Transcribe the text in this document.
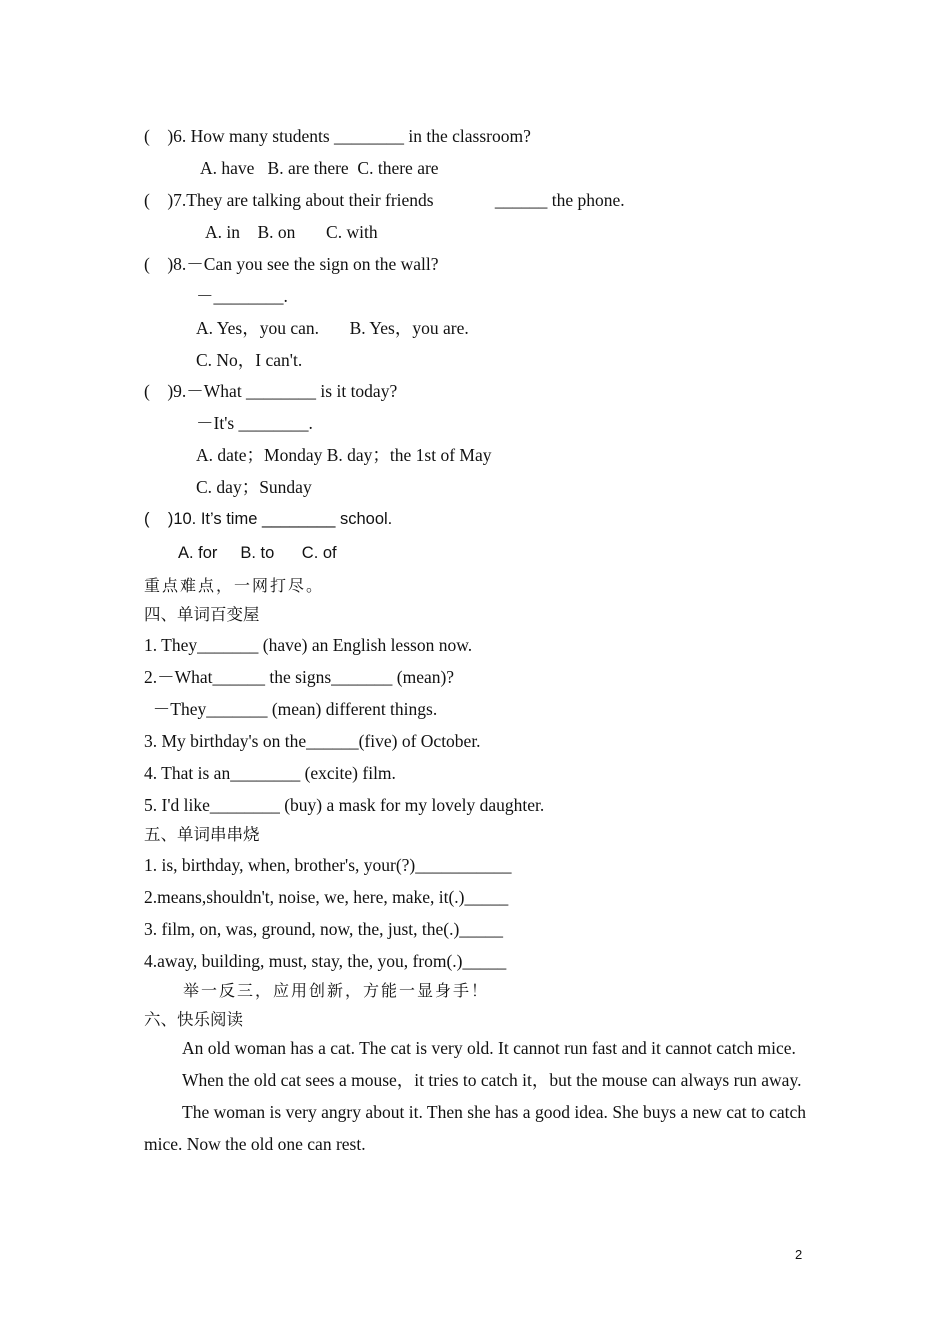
(    )6. How many students ________ in the classroom?
A. have   B. are there  C. there are
(    )7.They are talking about their friends              ______ the phone.
A. in    B. on       C. with
(    )8.－Can you see the sign on the wall?
－________.
A. Yes，you can.       B. Yes，you are.
C. No，I can't.
(    )9.－What ________ is it today?
－It's ________.
A. date；Monday B. day；the 1st of May
C. day；Sunday
(    )10. It’s time ________ school.
A. for     B. to      C. of
重点难点，一网打尽。
四、单词百变屋
1. They_______ (have) an English lesson now.
2.－What______ the signs_______ (mean)?
－They_______ (mean) different things.
3. My birthday's on the______(five) of October.
4. That is an________ (excite) film.
5. I'd like________ (buy) a mask for my lovely daughter.
五、单词串串烧
1. is, birthday, when, brother's, your(?)___________
2.means,shouldn't, noise, we, here, make, it(.)_____
3. film, on, was, ground, now, the, just, the(.)_____
4.away, building, must, stay, the, you, from(.)_____
举一反三，应用创新，方能一显身手！
六、快乐阅读
An old woman has a cat. The cat is very old. It cannot run fast and it cannot catch mice.
When the old cat sees a mouse，it tries to catch it，but the mouse can always run away.
The woman is very angry about it. Then she has a good idea. She buys a new cat to catch mice. Now the old one can rest.
2
